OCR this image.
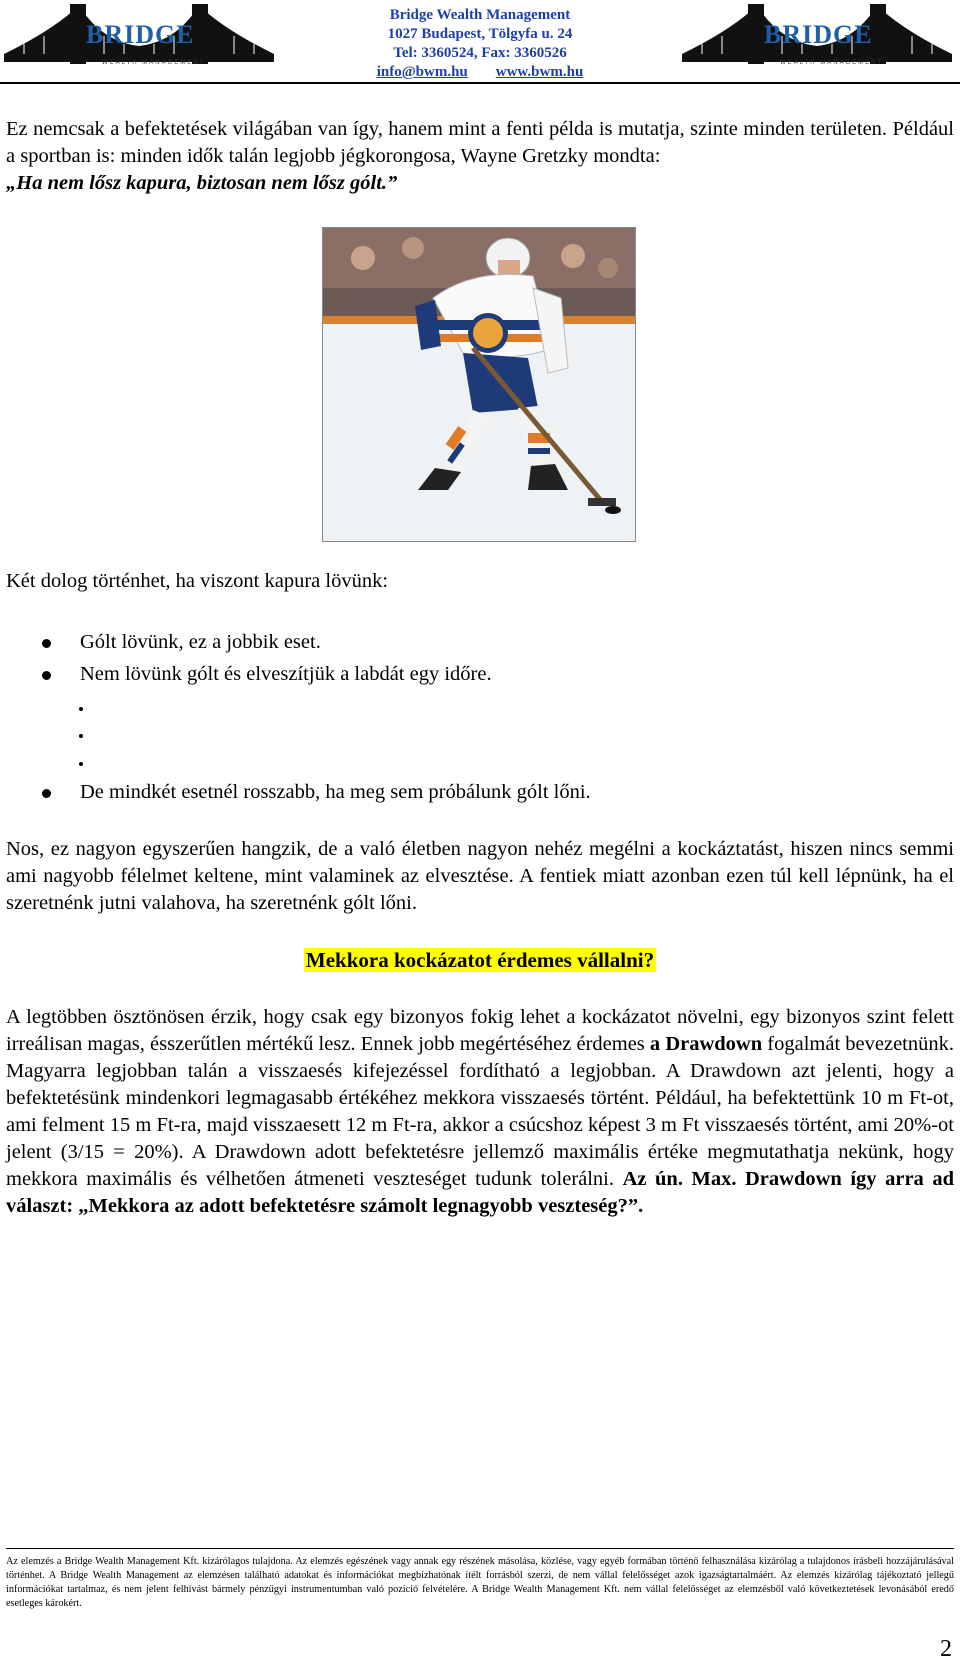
BRIDGE
WEALTH MANAGEMENT
Bridge Wealth Management
1027 Budapest, Tölgyfa u. 24
Tel: 3360524, Fax: 3360526
info@bwm.hu www.bwm.hu
BRIDGE
WEALTH MANAGEMENT

Ez nemcsak a befektetések világában van így, hanem mint a fenti példa is mutatja, szinte minden területen. Például a sportban is: minden idők talán legjobb jégkorongosa, Wayne Gretzky mondta:
„Ha nem lősz kapura, biztosan nem lősz gólt.”

Két dolog történhet, ha viszont kapura lövünk:

Gólt lövünk, ez a jobbik eset.
Nem lövünk gólt és elveszítjük a labdát egy időre.
De mindkét esetnél rosszabb, ha meg sem próbálunk gólt lőni.

Nos, ez nagyon egyszerűen hangzik, de a való életben nagyon nehéz megélni a kockáztatást, hiszen nincs semmi ami nagyobb félelmet keltene, mint valaminek az elvesztése. A fentiek miatt azonban ezen túl kell lépnünk, ha el szeretnénk jutni valahova, ha szeretnénk gólt lőni.

Mekkora kockázatot érdemes vállalni?

A legtöbben ösztönösen érzik, hogy csak egy bizonyos fokig lehet a kockázatot növelni, egy bizonyos szint felett irreálisan magas, ésszerűtlen mértékű lesz. Ennek jobb megértéséhez érdemes a Drawdown fogalmát bevezetnünk. Magyarra legjobban talán a visszaesés kifejezéssel fordítható a legjobban. A Drawdown azt jelenti, hogy a befektetésünk mindenkori legmagasabb értékéhez mekkora visszaesés történt. Például, ha befektettünk 10 m Ft-ot, ami felment 15 m Ft-ra, majd visszaesett 12 m Ft-ra, akkor a csúcshoz képest 3 m Ft visszaesés történt, ami 20%-ot jelent (3/15 = 20%). A Drawdown adott befektetésre jellemző maximális értéke megmutathatja nekünk, hogy mekkora maximális és vélhetően átmeneti veszteséget tudunk tolerálni. Az ún. Max. Drawdown így arra ad választ: „Mekkora az adott befektetésre számolt legnagyobb veszteség?”.

Az elemzés a Bridge Wealth Management Kft. kizárólagos tulajdona. Az elemzés egészének vagy annak egy részének másolása, közlése, vagy egyéb formában történő felhasználása kizárólag a tulajdonos írásbeli hozzájárulásával történhet. A Bridge Wealth Management az elemzésen található adatokat és információkat megbízhatónak ítélt forrásból szerzi, de nem vállal felelősséget azok igazságtartalmáért. Az elemzés kizárólag tájékoztató jellegű információkat tartalmaz, és nem jelent felhívást bármely pénzügyi instrumentumban való pozíció felvételére. A Bridge Wealth Management Kft. nem vállal felelősséget az elemzésből való következtetések levonásából eredő esetleges károkért.

2
